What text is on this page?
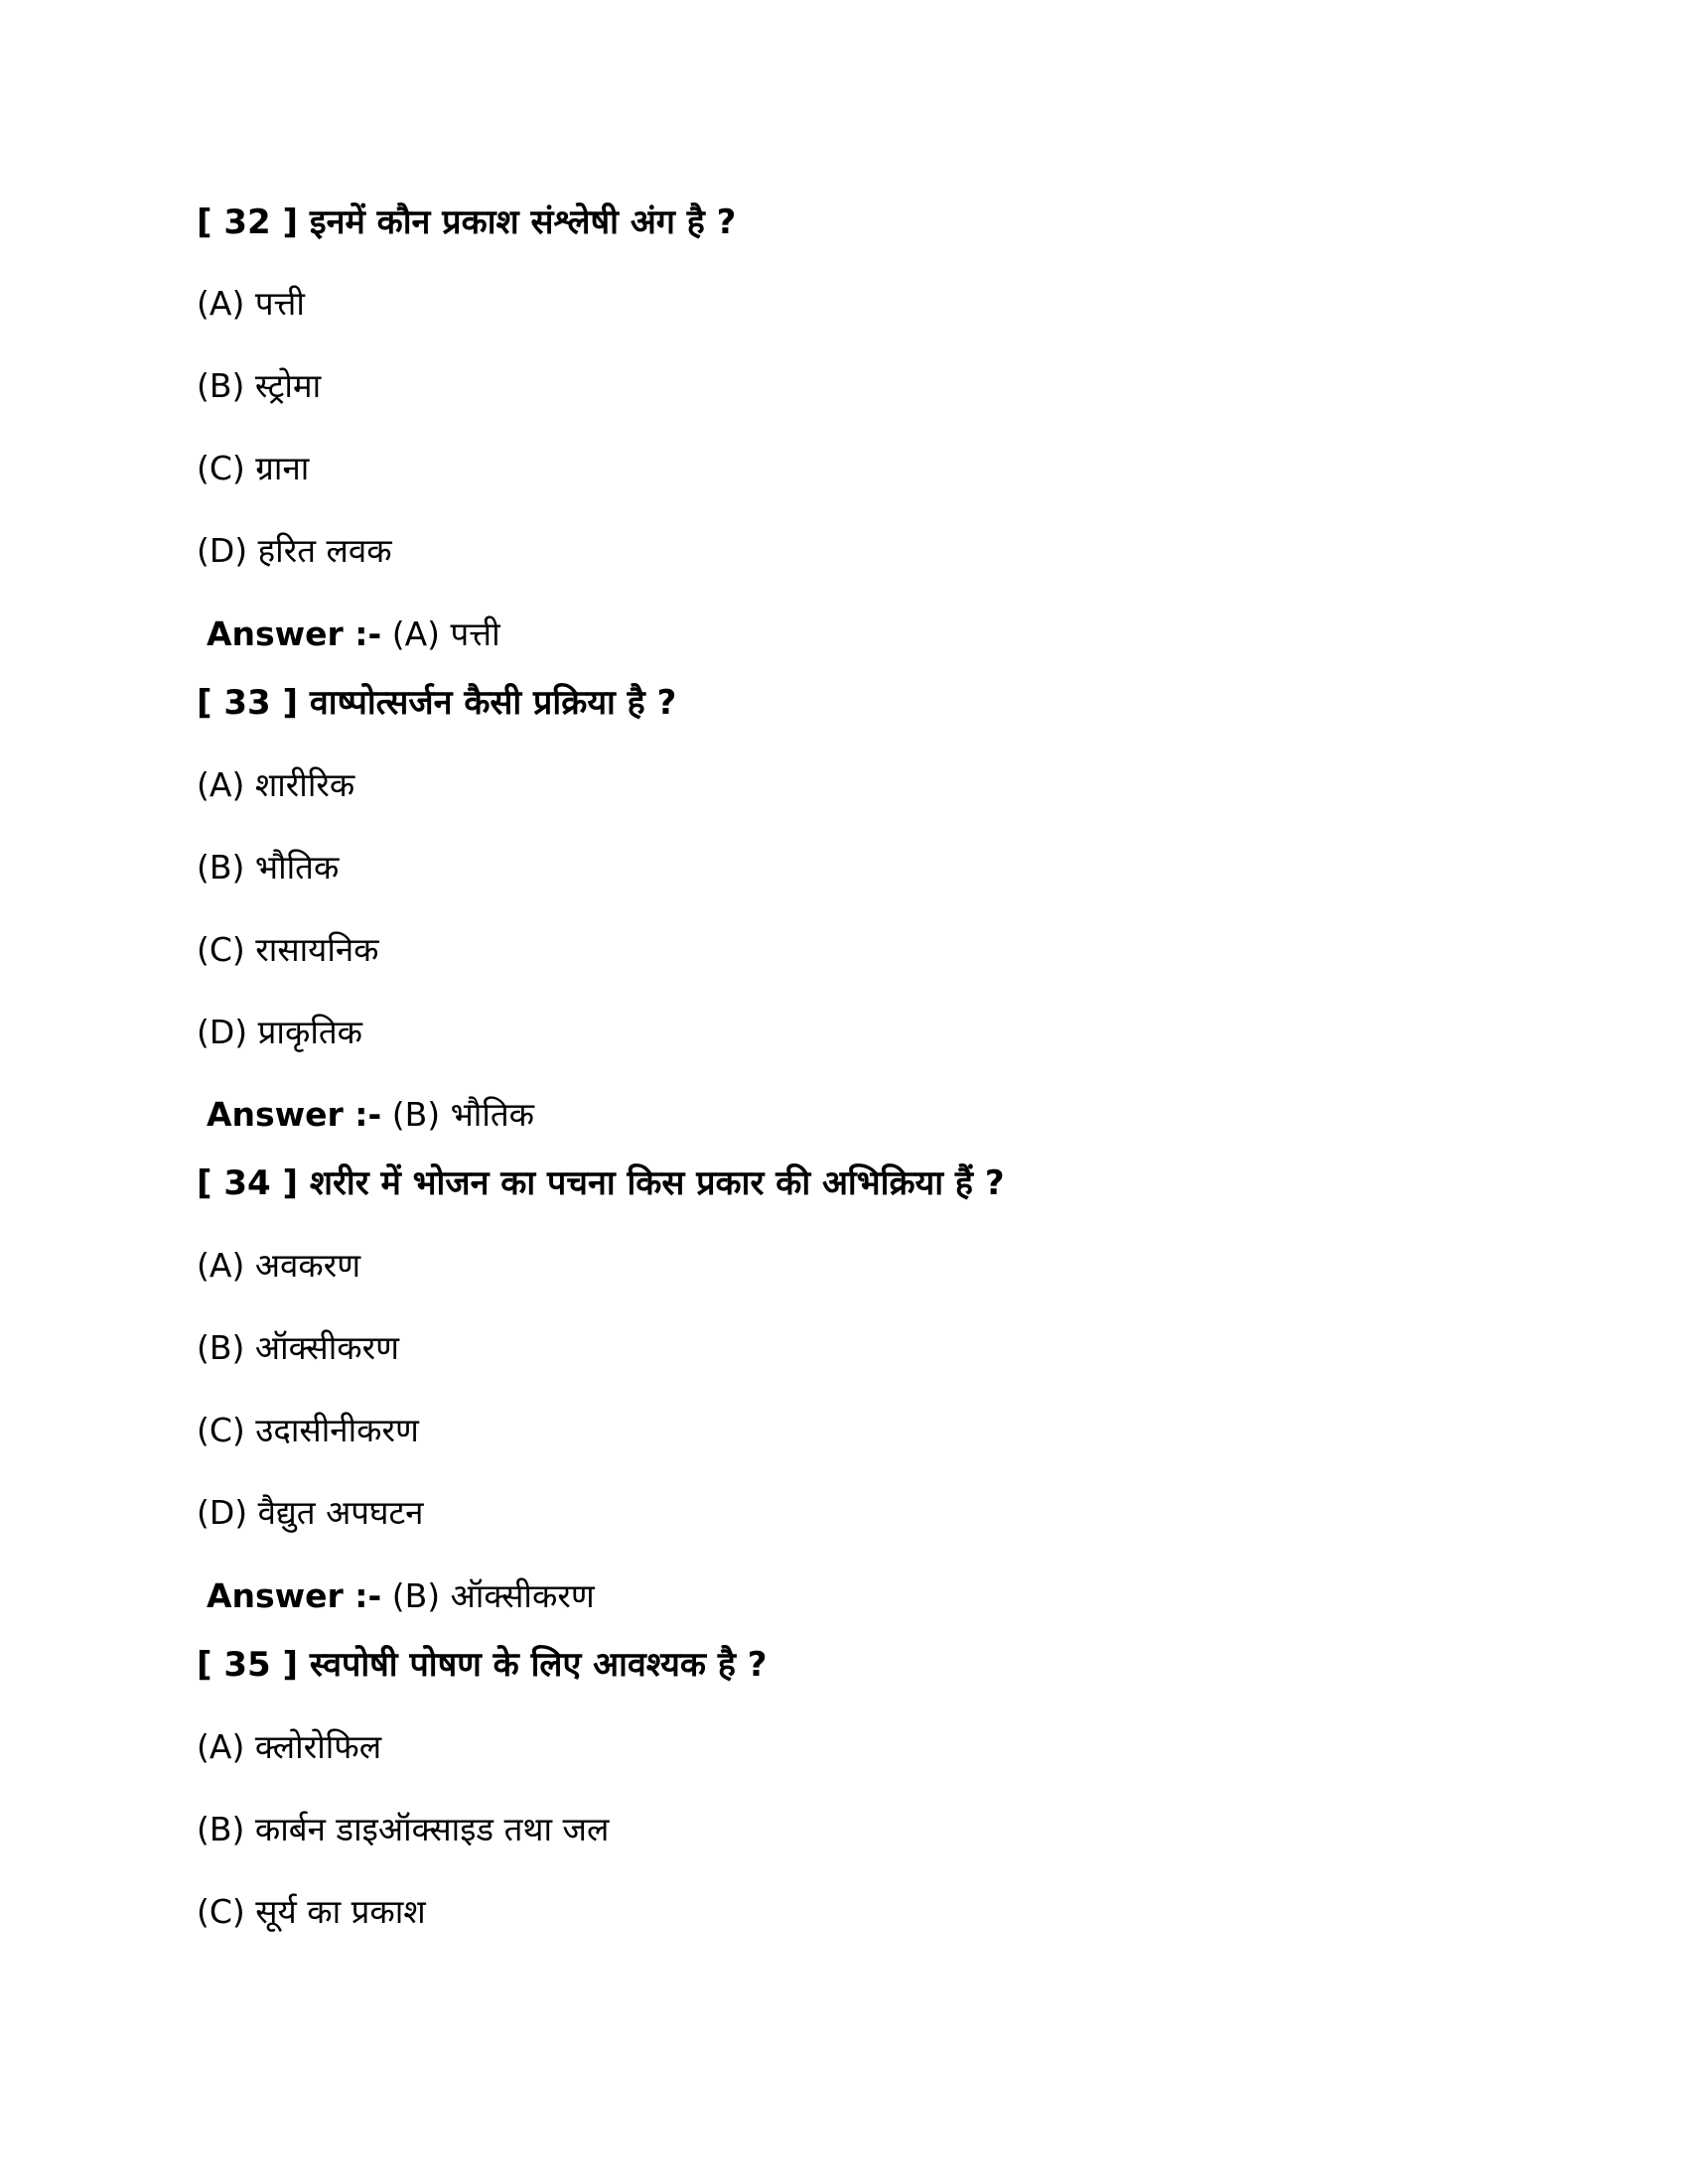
[ 32 ] इनमें कौन प्रकाश संश्लेषी अंग है ?
(A) पत्ती
(B) स्ट्रोमा
(C) ग्राना
(D) हरित लवक
Answer :- (A) पत्ती
[ 33 ] वाष्पोत्सर्जन कैसी प्रक्रिया है ?
(A) शारीरिक
(B) भौतिक
(C) रासायनिक
(D) प्राकृतिक
Answer :- (B) भौतिक
[ 34 ] शरीर में भोजन का पचना किस प्रकार की अभिक्रिया हैं ?
(A) अवकरण
(B) ऑक्सीकरण
(C) उदासीनीकरण
(D) वैद्युत अपघटन
Answer :- (B) ऑक्सीकरण
[ 35 ] स्वपोषी पोषण के लिए आवश्यक है ?
(A) क्लोरोफिल
(B) कार्बन डाइऑक्साइड तथा जल
(C) सूर्य का प्रकाश
